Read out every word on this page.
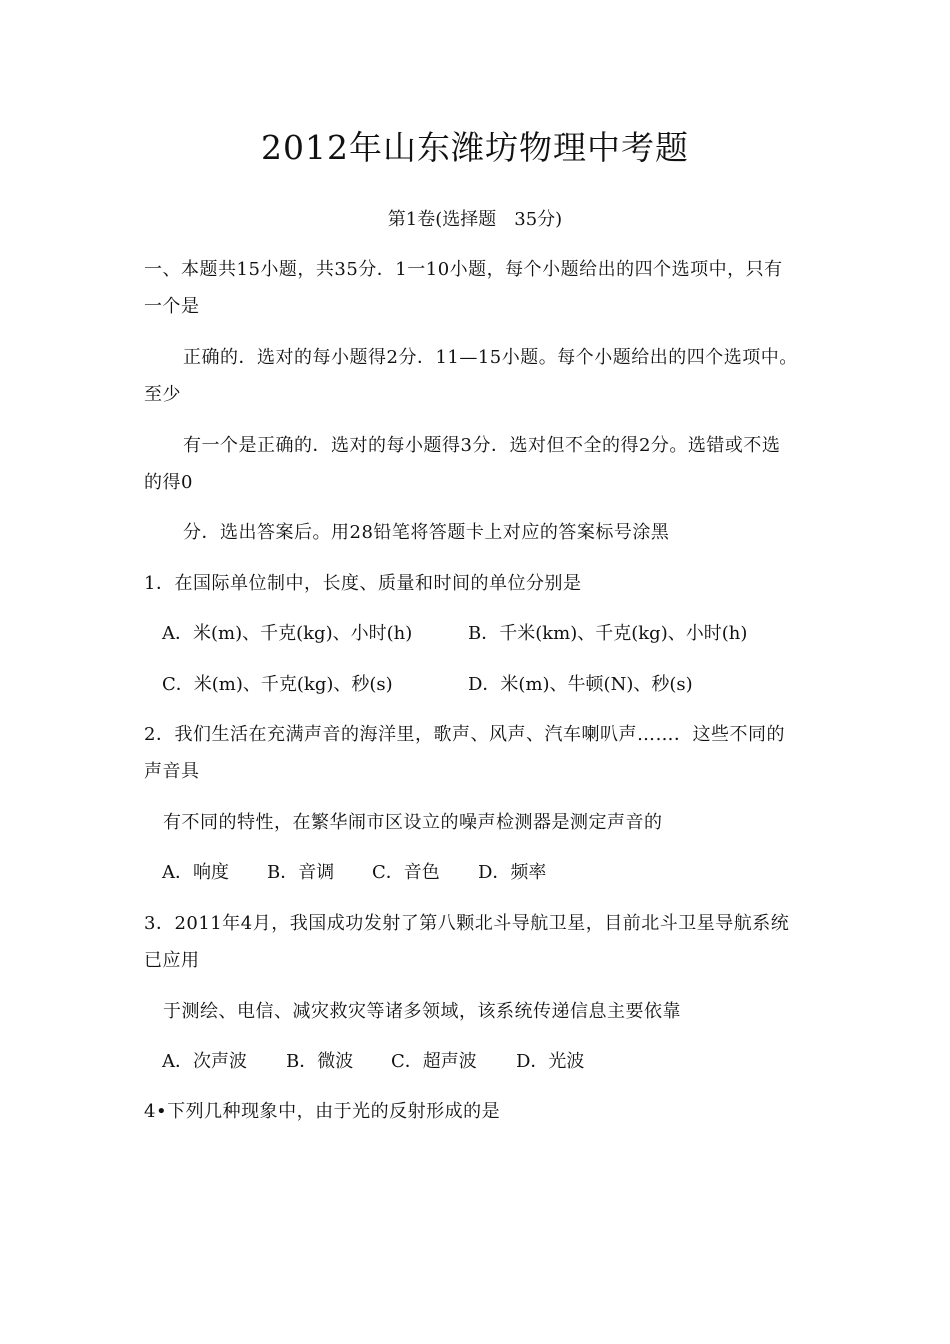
2012年山东潍坊物理中考题
第1卷(选择题　35分)
一、本题共15小题，共35分．1一10小题，每个小题给出的四个选项中，只有
一个是
正确的．选对的每小题得2分．11—15小题。每个小题给出的四个选项中。
至少
有一个是正确的．选对的每小题得3分．选对但不全的得2分。选错或不选
的得0
分．选出答案后。用28铅笔将答题卡上对应的答案标号涂黑
1．在国际单位制中，长度、质量和时间的单位分别是
A．米(m)、千克(kg)、小时(h)	B．千米(km)、千克(kg)、小时(h)
C．米(m)、千克(kg)、秒(s)	D．米(m)、牛顿(N)、秒(s)
2．我们生活在充满声音的海洋里，歌声、风声、汽车喇叭声……．这些不同的
声音具
有不同的特性，在繁华闹市区设立的噪声检测器是测定声音的
A．响度 B．音调 C．音色 D．频率
3．2011年4月，我国成功发射了第八颗北斗导航卫星，目前北斗卫星导航系统
已应用
于测绘、电信、减灾救灾等诸多领域，该系统传递信息主要依靠
A．次声波 B．微波 C．超声波 D．光波
4•下列几种现象中，由于光的反射形成的是
